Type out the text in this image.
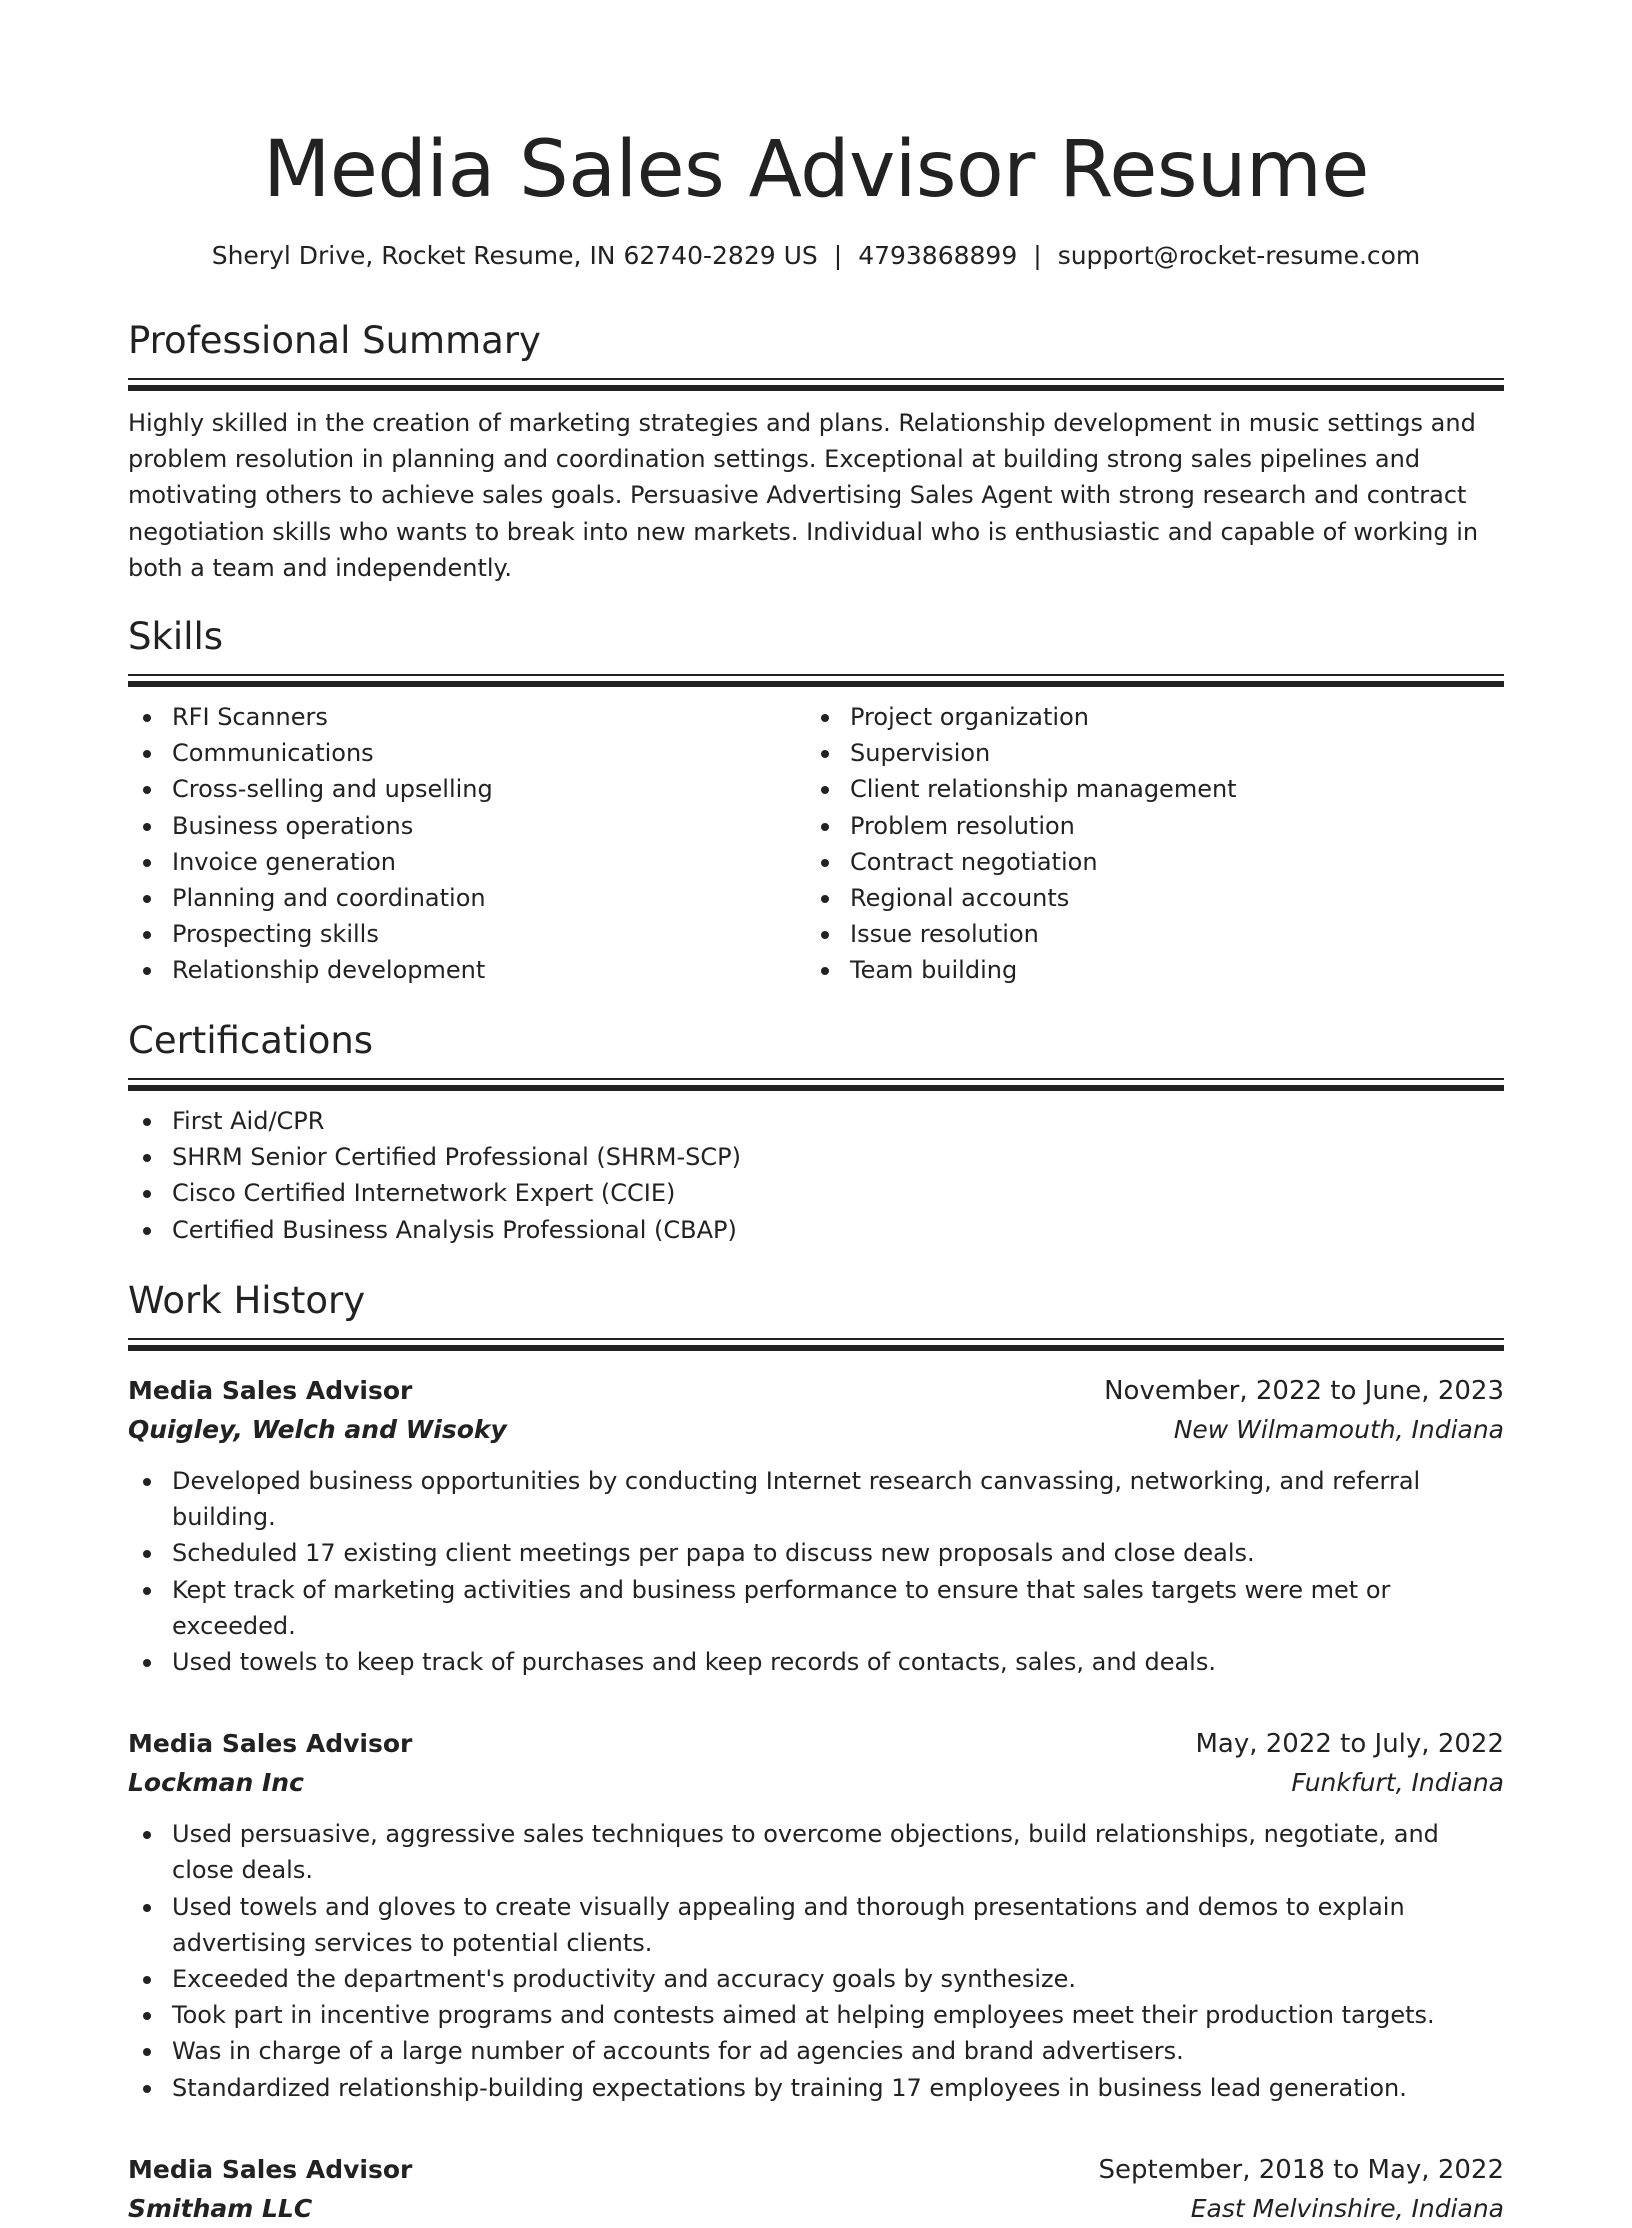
Media Sales Advisor Resume
Sheryl Drive, Rocket Resume, IN 62740-2829 US | 4793868899 | support@rocket-resume.com
Professional Summary

Highly skilled in the creation of marketing strategies and plans. Relationship development in music settings and problem resolution in planning and coordination settings. Exceptional at building strong sales pipelines and motivating others to achieve sales goals. Persuasive Advertising Sales Agent with strong research and contract negotiation skills who wants to break into new markets. Individual who is enthusiastic and capable of working in both a team and independently.

Skills
RFI Scanners
Communications
Cross-selling and upselling
Business operations
Invoice generation
Planning and coordination
Prospecting skills
Relationship development
Project organization
Supervision
Client relationship management
Problem resolution
Contract negotiation
Regional accounts
Issue resolution
Team building
Certifications
First Aid/CPR
SHRM Senior Certified Professional (SHRM-SCP)
Cisco Certified Internetwork Expert (CCIE)
Certified Business Analysis Professional (CBAP)
Work History
Media Sales Advisor	November, 2022 to June, 2023
Quigley, Welch and Wisoky	New Wilmamouth, Indiana
Developed business opportunities by conducting Internet research canvassing, networking, and referral building.
Scheduled 17 existing client meetings per papa to discuss new proposals and close deals.
Kept track of marketing activities and business performance to ensure that sales targets were met or exceeded.
Used towels to keep track of purchases and keep records of contacts, sales, and deals.
Media Sales Advisor	May, 2022 to July, 2022
Lockman Inc	Funkfurt, Indiana
Used persuasive, aggressive sales techniques to overcome objections, build relationships, negotiate, and close deals.
Used towels and gloves to create visually appealing and thorough presentations and demos to explain advertising services to potential clients.
Exceeded the department's productivity and accuracy goals by synthesize.
Took part in incentive programs and contests aimed at helping employees meet their production targets.
Was in charge of a large number of accounts for ad agencies and brand advertisers.
Standardized relationship-building expectations by training 17 employees in business lead generation.
Media Sales Advisor	September, 2018 to May, 2022
Smitham LLC	East Melvinshire, Indiana
